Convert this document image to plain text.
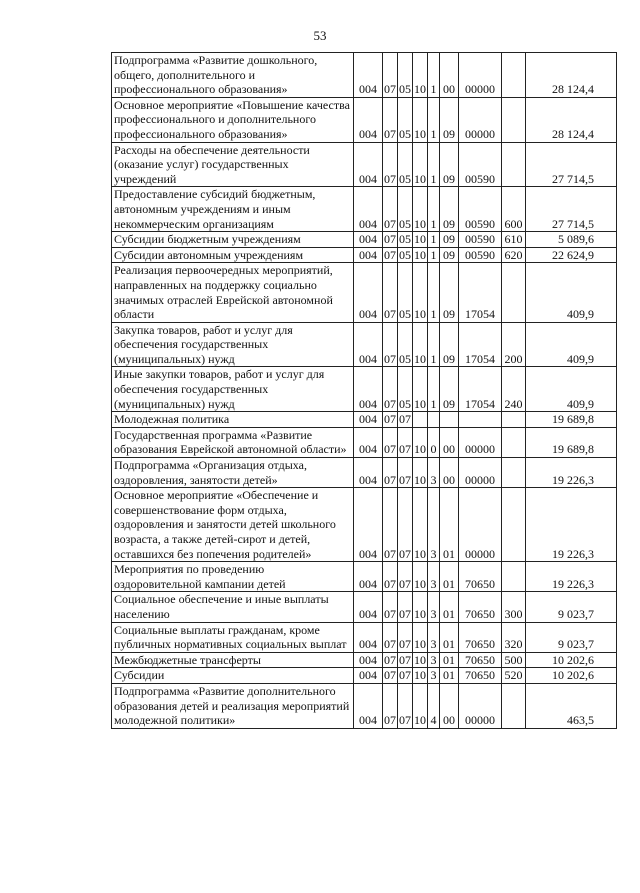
53
Подпрограмма «Развитие дошкольного, общего, дополнительного и профессионального образования»	004	07	05	10	1	00	00000		28 124,4
Основное мероприятие «Повышение качества профессионального и дополнительного профессионального образования»	004	07	05	10	1	09	00000		28 124,4
Расходы на обеспечение деятельности (оказание услуг) государственных учреждений	004	07	05	10	1	09	00590		27 714,5
Предоставление субсидий бюджетным, автономным учреждениям и иным некоммерческим организациям	004	07	05	10	1	09	00590	600	27 714,5
Субсидии бюджетным учреждениям	004	07	05	10	1	09	00590	610	5 089,6
Субсидии автономным учреждениям	004	07	05	10	1	09	00590	620	22 624,9
Реализация первоочередных мероприятий, направленных на поддержку социально значимых отраслей Еврейской автономной области	004	07	05	10	1	09	17054		409,9
Закупка товаров, работ и услуг для обеспечения государственных (муниципальных) нужд	004	07	05	10	1	09	17054	200	409,9
Иные закупки товаров, работ и услуг для обеспечения государственных (муниципальных) нужд	004	07	05	10	1	09	17054	240	409,9
Молодежная политика	004	07	07						19 689,8
Государственная программа «Развитие образования Еврейской автономной области»	004	07	07	10	0	00	00000		19 689,8
Подпрограмма «Организация отдыха, оздоровления, занятости детей»	004	07	07	10	3	00	00000		19 226,3
Основное мероприятие «Обеспечение и совершенствование форм отдыха, оздоровления и занятости детей школьного возраста, а также детей-сирот и детей, оставшихся без попечения родителей»	004	07	07	10	3	01	00000		19 226,3
Мероприятия по проведению оздоровительной кампании детей	004	07	07	10	3	01	70650		19 226,3
Социальное обеспечение и иные выплаты населению	004	07	07	10	3	01	70650	300	9 023,7
Социальные выплаты гражданам, кроме публичных нормативных социальных выплат	004	07	07	10	3	01	70650	320	9 023,7
Межбюджетные трансферты	004	07	07	10	3	01	70650	500	10 202,6
Субсидии	004	07	07	10	3	01	70650	520	10 202,6
Подпрограмма «Развитие дополнительного образования детей и реализация мероприятий молодежной политики»	004	07	07	10	4	00	00000		463,5
